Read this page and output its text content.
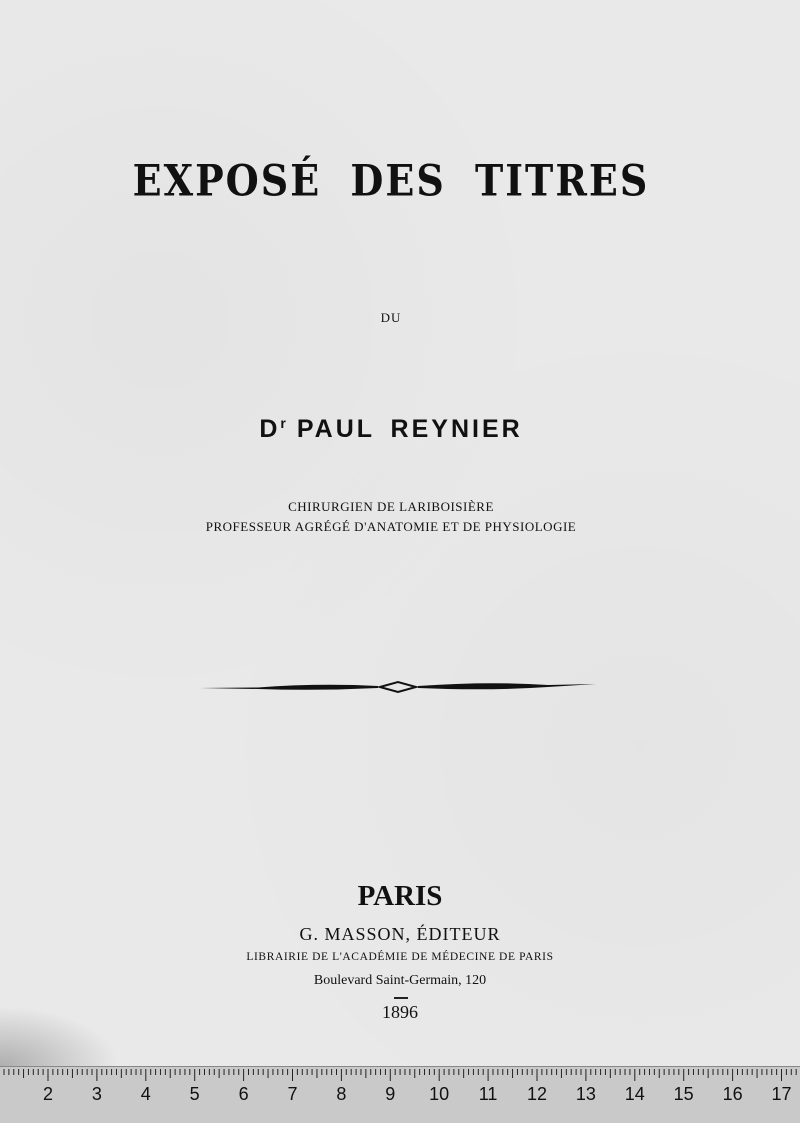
EXPOSÉ DES TITRES
DU
$D^r$ PAUL REYNIER
CHIRURGIEN DE LARIBOISIÈRE
PROFESSEUR AGRÉGÉ D'ANATOMIE ET DE PHYSIOLOGIE
PARIS
G. MASSON, ÉDITEUR
LIBRAIRIE DE L'ACADÉMIE DE MÉDECINE DE PARIS
Boulevard Saint-Germain, 120
1896
2 3 4 5 6 7 8 9 10 11 12 13 14 15 16 17
